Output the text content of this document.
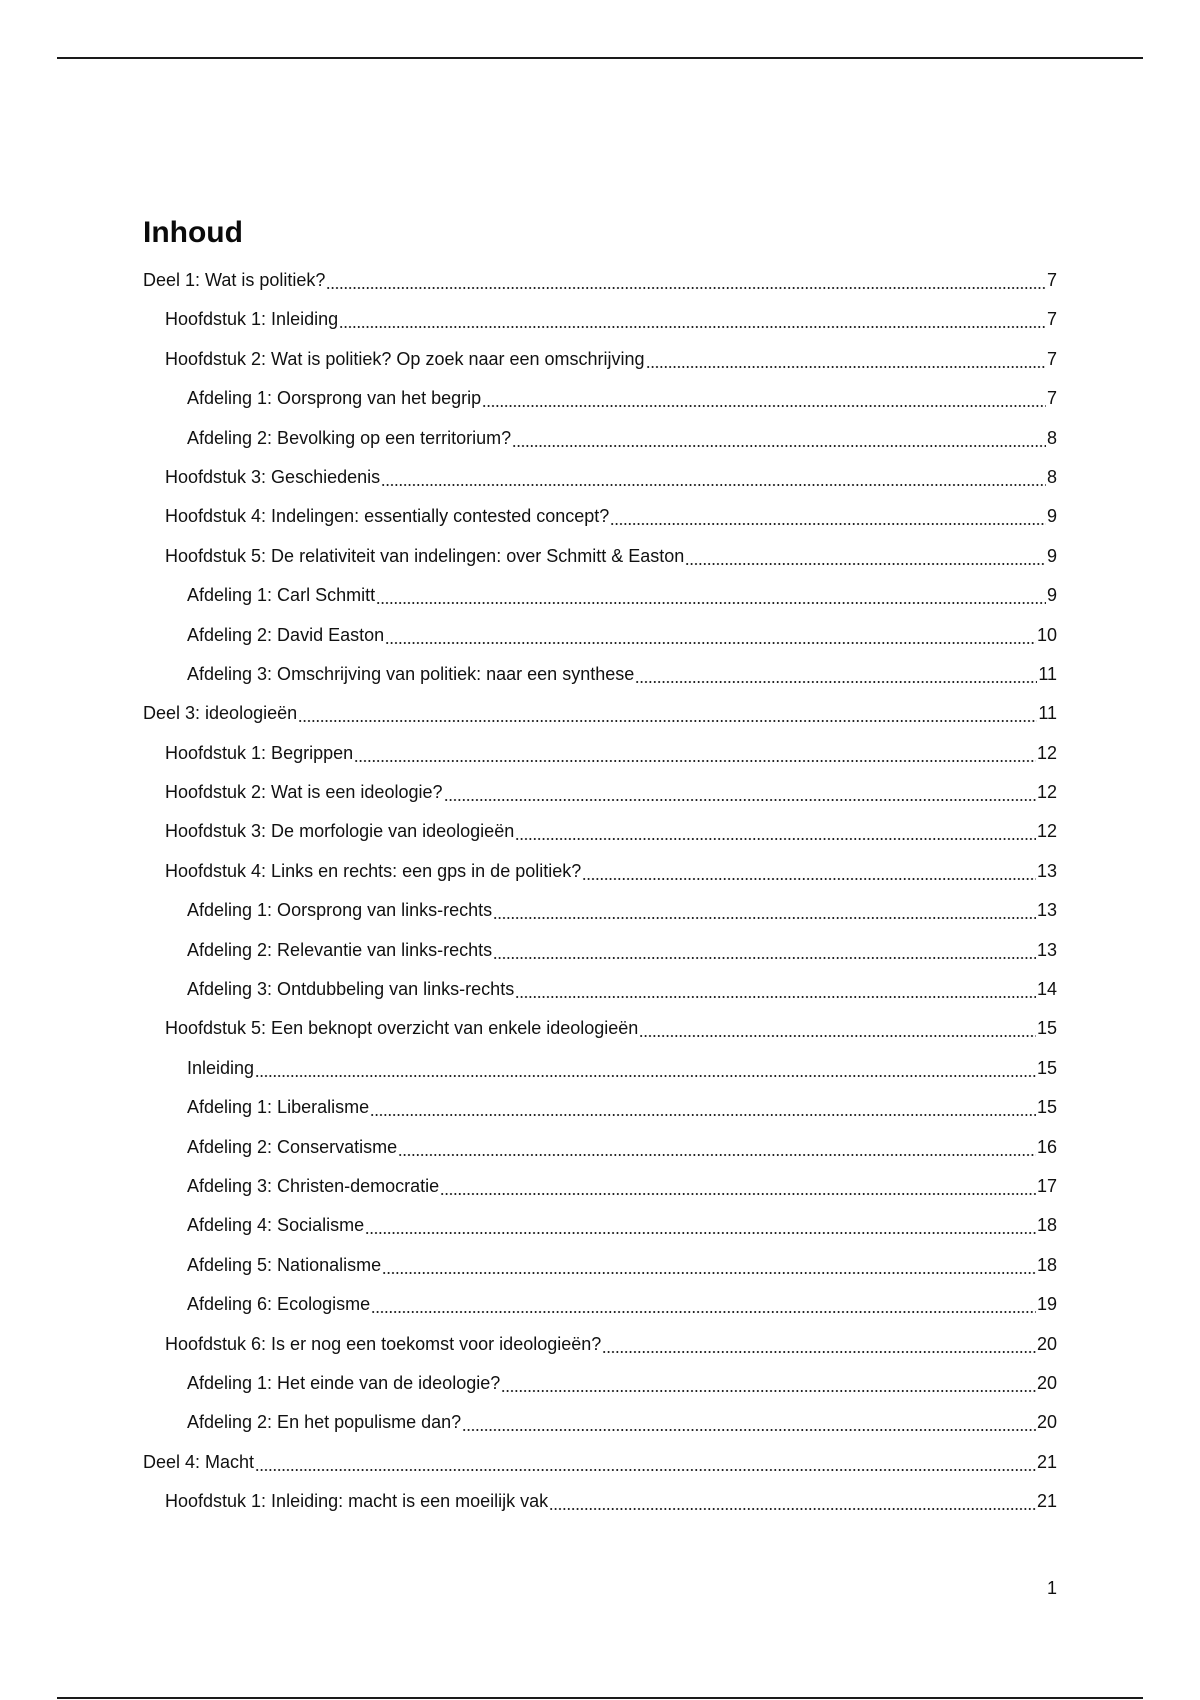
Inhoud
Deel 1: Wat is politiek?	7
Hoofdstuk 1: Inleiding	7
Hoofdstuk 2: Wat is politiek? Op zoek naar een omschrijving	7
Afdeling 1: Oorsprong van het begrip	7
Afdeling 2: Bevolking op een territorium?	8
Hoofdstuk 3: Geschiedenis	8
Hoofdstuk 4: Indelingen: essentially contested concept?	9
Hoofdstuk 5: De relativiteit van indelingen: over Schmitt & Easton	9
Afdeling 1: Carl Schmitt	9
Afdeling 2: David Easton	10
Afdeling 3: Omschrijving van politiek: naar een synthese	11
Deel 3: ideologieën	11
Hoofdstuk 1: Begrippen	12
Hoofdstuk 2: Wat is een ideologie?	12
Hoofdstuk 3: De morfologie van ideologieën	12
Hoofdstuk 4: Links en rechts: een gps in de politiek?	13
Afdeling 1: Oorsprong van links-rechts	13
Afdeling 2: Relevantie van links-rechts	13
Afdeling 3: Ontdubbeling van links-rechts	14
Hoofdstuk 5: Een beknopt overzicht van enkele ideologieën	15
Inleiding	15
Afdeling 1: Liberalisme	15
Afdeling 2: Conservatisme	16
Afdeling 3: Christen-democratie	17
Afdeling 4: Socialisme	18
Afdeling 5: Nationalisme	18
Afdeling 6: Ecologisme	19
Hoofdstuk 6: Is er nog een toekomst voor ideologieën?	20
Afdeling 1: Het einde van de ideologie?	20
Afdeling 2: En het populisme dan?	20
Deel 4: Macht	21
Hoofdstuk 1: Inleiding: macht is een moeilijk vak	21
1
